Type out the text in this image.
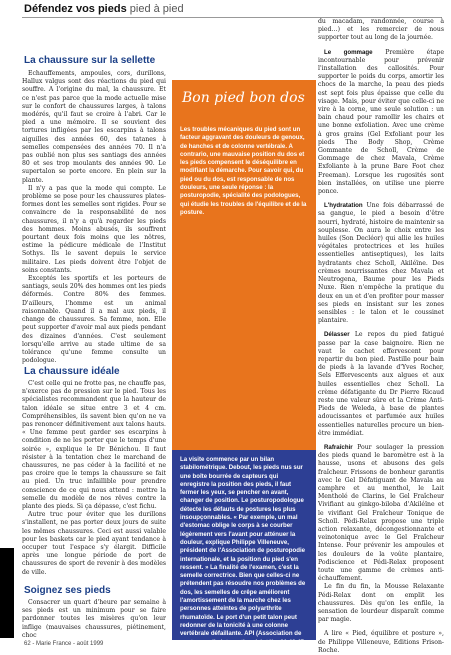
Défendez vos pieds pied à pied
La chaussure sur la sellette

Echauffements, ampoules, cors, durillons, Hallux valgus sont des réactions du pied qui souffre. A l'origine du mal, la chaussure. Et ce n'est pas parce que la mode actuelle mise sur le confort de chaussures larges, à talons modérés, qu'il faut se croire à l'abri. Car le pied a une mémoire. Il se souvient des tortures infligées par les escarpins à talons aiguilles des années 60, des tatanes à semelles compensées des années 70. Il n'a pas oublié non plus ses santiags des années 80 et ses trop moulants des années 90. Le supertalon se porte encore. En plein sur la plante.

Il n'y a pas que la mode qui compte. Le problème se pose pour les chaussures plates-formes dont les semelles sont rigides. Pour se convaincre de la responsabilité de nos chaussures, il n'y a qu'à regarder les pieds des hommes. Moins abusés, ils souffrent pourtant deux fois moins que les nôtres, estime la pédicure médicale de l'Institut Sothys. Ils le savent depuis le service militaire. Les pieds doivent être l'objet de soins constants.

Exceptés les sportifs et les porteurs de santiags, seuls 20% des hommes ont les pieds déformés. Contre 80% des femmes. D'ailleurs, l'homme est un animal raisonnable. Quand il a mal aux pieds, il change de chaussures. Sa femme, non. Elle peut supporter d'avoir mal aux pieds pendant des dizaines d'années. C'est seulement lorsqu'elle arrive au stade ultime de sa tolérance qu'une femme consulte un podologue.

La chaussure idéale

C'est celle qui ne frotte pas, ne chauffe pas, n'exerce pas de pression sur le pied. Tous les spécialistes recommandent que la hauteur de talon idéale se situe entre 3 et 4 cm. Compréhensibles, ils savent bien qu'on ne va pas renoncer définitivement aux talons hauts. « Une femme peut garder ses escarpins à condition de ne les porter que le temps d'une soirée », explique le Dr Bénichou. Il faut résister à la tentation chez le marchand de chaussures, ne pas céder à la facilité et ne pas croire que le temps la chaussure se fait au pied. Un truc infaillible pour prendre conscience de ce qui nous attend : mettre la semelle du modèle de nos rêves contre la plante des pieds. Si ça dépasse, c'est fichu.

Autre truc pour éviter que les durillons s'installent, ne pas porter deux jours de suite les mêmes chaussures. Ceci est aussi valable pour les baskets car le pied ayant tendance à occuper tout l'espace s'y élargit. Difficile après une longue période de port de chaussures de sport de revenir à des modèles de ville.

Soignez ses pieds

Consacrer un quart d'heure par semaine à ses pieds est un minimum pour se faire pardonner toutes les misères qu'on leur inflige (mauvaises chaussures, piétinement, choc

Bon pied bon dos
Les troubles mécaniques du pied sont un facteur aggravant des douleurs de genoux, de hanches et de colonne vertébrale. A contrario, une mauvaise position du dos et les pieds compensent le déséquilibre en modifiant la démarche. Pour savoir qui, du pied ou du dos, est responsable de nos douleurs, une seule réponse : la posturopodie, spécialité des podologues, qui étudie les troubles de l'équilibre et de la posture.
La visite commence par un bilan stabilométrique. Debout, les pieds nus sur une boîte bourrée de capteurs qui enregistre la position des pieds, il faut fermer les yeux, se pencher en avant, changer de position. Le posturopodologue détecte les défauts de postures les plus insoupçonnables. « Par exemple, un mal d'estomac oblige le corps à se courber légèrement vers l'avant pour atténuer la douleur, explique Philippe Villeneuve, président de l'Association de posturopodie internationale, et la position du pied s'en ressent. » La finalité de l'examen, c'est la semelle correctrice. Bien que celles-ci ne prétendent pas résoudre nos problèmes de dos, les semelles de crêpe améliorent l'amortissement de la marche chez les personnes atteintes de polyarthrite rhumatoïde. Le port d'un petit talon peut redonner de la tonicité à une colonne vertébrale défaillante. API (Association de posturopodie internationale), tél. : 01 43 47 14 55.

du macadam, randonnée, course à pied…) et les remercier de nous supporter tout au long de la journée.

Le gommage Première étape incontournable pour prévenir l'installation des callosités. Pour supporter le poids du corps, amortir les chocs de la marche, la peau des pieds est sept fois plus épaisse que celle du visage. Mais, pour éviter que celle-ci ne vire à la corne, une seule solution : un bain chaud pour ramollir les chairs et une bonne exfoliation. Avec une crème à gros grains (Gel Exfoliant pour les pieds The Body Shop, Crème Gommante de Scholl, Crème de Gommage de chez Mavala, Crème Exfoliante à la prune Bare Foot chez Freeman). Lorsque les rugosités sont bien installées, on utilise une pierre ponce.

L'hydratation Une fois débarrassé de sa gangue, le pied a besoin d'être nourri, hydraté, histoire de maintenir sa souplesse. On aura le choix entre les huiles (Son Decléor) qui allie les huiles végétales protectrices et les huiles essentielles antiseptiques), les laits hydratants chez Scholl, Akiléïne. Des crèmes nourrissantes chez Mavala et Neutrogena, Baume pour les Pieds Nuxe. Rien n'empêche la pratique du deux en un et d'en profiter pour masser ses pieds en insistant sur les zones sensibles : le talon et le coussinet plantaire.

Délasser Le repos du pied fatigué passe par la case baignoire. Rien ne vaut le cachet effervescent pour repartir du bon pied. Pastille pour bain de pieds à la lavande d'Yves Rocher, Sels Effervescents aux algues et aux huiles essentielles chez Scholl. La crème défatigante du Dr Pierre Ricaud reste une valeur sûre et la Crème Anti-Pieds de Weleda, à base de plantes adoucissantes et parfumée aux huiles essentielles naturelles procure un bien-être immédiat.

Rafraîchir Pour soulager la pression des pieds quand le baromètre est à la hausse, usons et abusons des gels fraîcheur. Frissons de bonheur garantis avec le Gel Défatiguant de Mavala au camphre et au menthol, le Lait Mentholé de Clarins, le Gel Fraîcheur Vivifiant au ginkgo-biloba d'Akiléïne et le vivifiant Gel Fraîcheur Tonique de Scholl. Pédi-Relax propose une triple action relaxante, décongestionnante et veinotonique avec le Gel Fraîcheur Intense. Pour prévenir les ampoules et les douleurs de la voûte plantaire, Podiscience et Pédi-Relax proposent toute une gamme de crèmes anti-échauffement.

Le fin du fin, la Mousse Relaxante Pédi-Relax dont on emplit les chaussures. Dès qu'on les enfile, la sensation de lourdeur disparaît comme par magie.

A lire « Pied, équilibre et posture », de Philippe Villeneuve, Editions Frison-Roche.

62 - Marie France - août 1999
